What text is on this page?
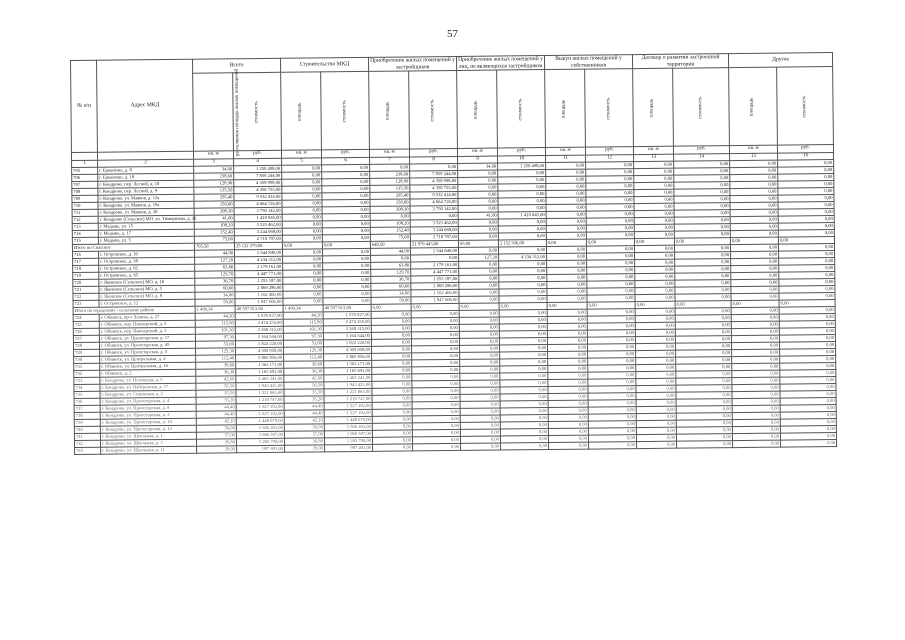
57
№ п/п	Адрес МКД	Всего		Строительство МКД		Приобретение жилых помещений у застройщиков		Приобретение жилых помещений у лиц, не являющихся застройщиком		Выкуп жилых помещений у собственников		Договор о развитии застроенной территории		Другое	
		расселяемая площадь жилых помещений	стоимость	площадь	стоимость	площадь	стоимость	площадь	стоимость	площадь	стоимость	площадь	стоимость	площадь	стоимость
		кв. м	руб.	кв. м	руб.	кв. м	руб.	кв. м	руб.	кв. м	руб.	кв. м	руб.	кв. м	руб.
1	2	3	4	5	6	7	8	9	10	11	12	13	14	15	16
705	г. Ермолино, д. 8	34,00	1 250 498,00	0,00	0,00	0,00	0,00	34,00	1 250 498,00	0,00	0,00	0,00	0,00	0,00	0,00
706	г. Ермолино, д. 18	238,60	7 859 244,00	0,00	0,00	238,60	7 859 244,00	0,00	0,00	0,00	0,00	0,00	0,00	0,00	0,00
707	г. Кондрово, пер. Лесной, д. 10	128,90	4 358 998,00	0,00	0,00	128,90	4 358 998,00	0,00	0,00	0,00	0,00	0,00	0,00	0,00	0,00
708	г. Кондрово, пер. Лесной, д. 9	135,50	4 350 755,00	0,00	0,00	135,50	4 350 755,00	0,00	0,00	0,00	0,00	0,00	0,00	0,00	0,00
709	г. Кондрово, ул. Маяков, д. 13а	295,40	9 532 414,00	0,00	0,00	295,40	9 532 414,00	0,00	0,00	0,00	0,00	0,00	0,00	0,00	0,00
710	г. Кондрово, ул. Маяков, д. 19а	150,00	4 664 726,00	0,00	0,00	150,00	4 664 726,00	0,00	0,00	0,00	0,00	0,00	0,00	0,00	0,00
711	г. Кондрово, ул. Маяков, д. 20	208,30	3 750 142,00	0,00	0,00	208,30	3 750 142,00	0,00	0,00	0,00	0,00	0,00	0,00	0,00	0,00
712	г. Кондрово (Сельское) МО, ул. Тимирязева, д. 15	41,00	1 410 045,00	0,00	0,00	0,00	0,00	41,00	1 410 045,00	0,00	0,00	0,00	0,00	0,00	0,00
713	г. Медынь, ул. 15	108,20	3 523 462,00	0,00	0,00	108,20	3 523 462,00	0,00	0,00	0,00	0,00	0,00	0,00	0,00	0,00
714	г. Медынь, д. 17	152,40	3 244 068,00	0,00	0,00	152,40	3 244 068,00	0,00	0,00	0,00	0,00	0,00	0,00	0,00	0,00
715	г. Медынь, ул. 5	75,00	2 718 787,00	0,00	0,00	75,00	2 718 787,00	0,00	0,00	0,00	0,00	0,00	0,00	0,00	0,00
Итого по Спасское		705,50	25 132 379,00	0,00	0,00	640,50	21 979 443,00	65,00	2 152 936,00	0,00	0,00	0,00	0,00	0,00	0,00
716	г. Островское, д. 16	44,90	1 544 849,00	0,00	0,00	44,90	1 544 849,00	0,00	0,00	0,00	0,00	0,00	0,00	0,00	0,00
717	г. Островское, д. 38	127,20	4 234 312,00	0,00	0,00	0,00	0,00	127,20	4 234 312,00	0,00	0,00	0,00	0,00	0,00	0,00
718	г. Островское, д. 62	63,80	2 179 161,00	0,00	0,00	63,80	2 179 161,00	0,00	0,00	0,00	0,00	0,00	0,00	0,00	0,00
719	г. Островское, д. 65	129,70	4 447 771,00	0,00	0,00	129,70	4 447 771,00	0,00	0,00	0,00	0,00	0,00	0,00	0,00	0,00
720	г. Яковское (Сельское) МО, д. 16	36,70	1 253 187,00	0,00	0,00	36,70	1 253 187,00	0,00	0,00	0,00	0,00	0,00	0,00	0,00	0,00
721	г. Яковское (Сельское) МО, д. 5	60,60	2 069 286,00	0,00	0,00	60,60	2 069 286,00	0,00	0,00	0,00	0,00	0,00	0,00	0,00	0,00
722	г. Яковское (Сельское) МО, д. 8	34,00	1 162 460,00	0,00	0,00	34,00	1 162 460,00	0,00	0,00	0,00	0,00	0,00	0,00	0,00	0,00
723	г. Островское, д. 12	58,00	1 947 606,00	0,00	0,00	58,00	1 947 606,00	0,00	0,00	0,00	0,00	0,00	0,00	0,00	0,00
Итого по городскому / сельскому району		1 499,34	48 597 813,00	1 499,34	48 597 813,00	0,00	0,00	0,00	0,00	0,00	0,00	0,00	0,00	0,00	0,00
724	г. Обнинск, пр-т Ленина, д. 27	44,20	1 570 927,00	44,20	1 570 927,00	0,00	0,00	0,00	0,00	0,00	0,00	0,00	0,00	0,00	0,00
725	г. Обнинск, пер. Пионерский, д. 5	115,90	3 474 255,00	115,90	3 474 255,00	0,00	0,00	0,00	0,00	0,00	0,00	0,00	0,00	0,00	0,00
726	г. Обнинск, пер. Пионерский, д. 3	101,30	3 268 315,00	101,30	3 268 315,00	0,00	0,00	0,00	0,00	0,00	0,00	0,00	0,00	0,00	0,00
727	г. Обнинск, ул. Пролетарская, д. 17	97,30	3 164 544,00	97,30	3 164 544,00	0,00	0,00	0,00	0,00	0,00	0,00	0,00	0,00	0,00	0,00
728	г. Обнинск, ул. Пролетарская, д. 49	53,00	1 822 220,00	53,00	1 822 220,00	0,00	0,00	0,00	0,00	0,00	0,00	0,00	0,00	0,00	0,00
729	г. Обнинск, ул. Пролетарская, д. 5	125,30	4 309 858,00	125,30	4 309 858,00	0,00	0,00	0,00	0,00	0,00	0,00	0,00	0,00	0,00	0,00
730	г. Обнинск, ул. Центральная, д. 2	112,40	3 865 856,00	112,40	3 865 856,00	0,00	0,00	0,00	0,00	0,00	0,00	0,00	0,00	0,00	0,00
731	г. Обнинск, ул. Центральная, д. 16	39,60	1 362 171,00	39,60	1 362 171,00	0,00	0,00	0,00	0,00	0,00	0,00	0,00	0,00	0,00	0,00
732	г. Обнинск, д. 2	36,30	1 165 691,00	36,30	1 165 691,00	0,00	0,00	0,00	0,00	0,00	0,00	0,00	0,00	0,00	0,00
733	г. Кондрово, ул. Полевская, д. 5	42,60	1 465 241,00	42,60	1 465 241,00	0,00	0,00	0,00	0,00	0,00	0,00	0,00	0,00	0,00	0,00
734	г. Кондрово, ул. Набережная, д. 17	56,50	1 943 425,00	56,50	1 943 425,00	0,00	0,00	0,00	0,00	0,00	0,00	0,00	0,00	0,00	0,00
735	г. Кондрово, ул. Сиреневая, д. 2	35,50	1 221 065,00	35,50	1 221 065,00	0,00	0,00	0,00	0,00	0,00	0,00	0,00	0,00	0,00	0,00
736	г. Кондрово, ул. Пролетарская, д. 4	35,20	1 210 747,00	35,20	1 210 747,00	0,00	0,00	0,00	0,00	0,00	0,00	0,00	0,00	0,00	0,00
737	г. Кондрово, ул. Пролетарская, д. 8	44,40	1 527 192,00	44,40	1 527 192,00	0,00	0,00	0,00	0,00	0,00	0,00	0,00	0,00	0,00	0,00
738	г. Кондрово, ул. Пролетарская, д. 3	44,40	1 527 192,00	44,40	1 527 192,00	0,00	0,00	0,00	0,00	0,00	0,00	0,00	0,00	0,00	0,00
739	г. Кондрово, ул. Пролетарская, д. 10	42,10	1 448 079,00	42,10	1 448 079,00	0,00	0,00	0,00	0,00	0,00	0,00	0,00	0,00	0,00	0,00
740	г. Кондрово, ул. Пролетарская, д. 12	56,00	1 926 201,00	56,00	1 926 201,00	0,00	0,00	0,00	0,00	0,00	0,00	0,00	0,00	0,00	0,00
741	г. Кондрово, ул. Школьная, д. 1	57,00	1 960 597,00	57,00	1 960 597,00	0,00	0,00	0,00	0,00	0,00	0,00	0,00	0,00	0,00	0,00
742	г. Кондрово, ул. Школьная, д. 3	36,80	1 265 790,00	36,80	1 265 790,00	0,00	0,00	0,00	0,00	0,00	0,00	0,00	0,00	0,00	0,00
743	г. Кондрово, ул. Школьная, д. 11	29,00	997 491,00	29,00	997 491,00	0,00	0,00	0,00	0,00	0,00	0,00	0,00	0,00	0,00	0,00
